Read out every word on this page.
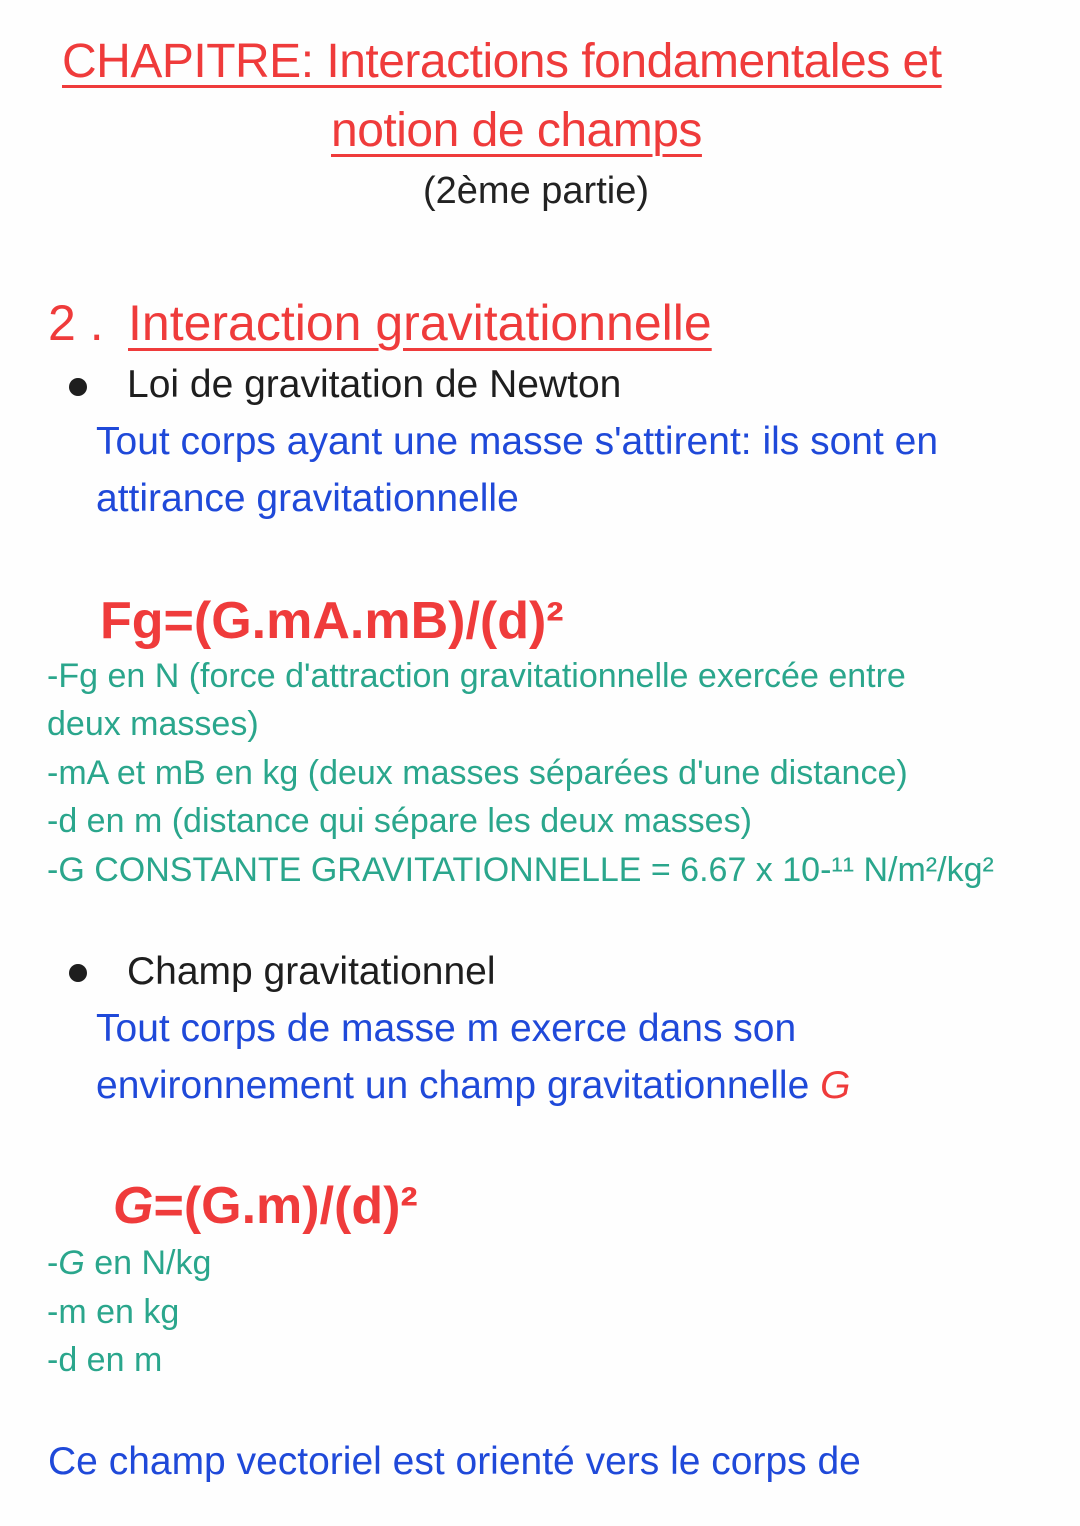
CHAPITRE: Interactions fondamentales et
notion de champs
(2ème partie)
2 . Interaction gravitationnelle
Loi de gravitation de Newton
Tout corps ayant une masse s'attirent: ils sont en
attirance gravitationnelle
Fg=(G.mA.mB)/(d)²
-Fg en N (force d'attraction gravitationnelle exercée entre
deux masses)
-mA et mB en kg (deux masses séparées d'une distance)
-d en m (distance qui sépare les deux masses)
-G CONSTANTE GRAVITATIONNELLE = 6.67 x 10-¹¹ N/m²/kg²
Champ gravitationnel
Tout corps de masse m exerce dans son
environnement un champ gravitationnelle G
G=(G.m)/(d)²
-G en N/kg
-m en kg
-d en m
Ce champ vectoriel est orienté vers le corps de
